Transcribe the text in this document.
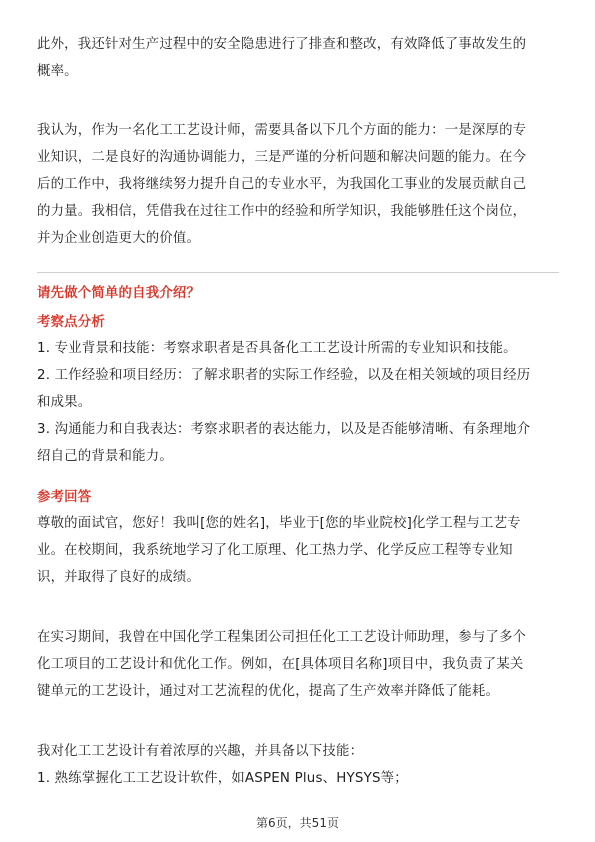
此外，我还针对生产过程中的安全隐患进行了排查和整改，有效降低了事故发生的
概率。
我认为，作为一名化工工艺设计师，需要具备以下几个方面的能力：一是深厚的专
业知识，二是良好的沟通协调能力，三是严谨的分析问题和解决问题的能力。在今
后的工作中，我将继续努力提升自己的专业水平，为我国化工事业的发展贡献自己
的力量。我相信，凭借我在过往工作中的经验和所学知识，我能够胜任这个岗位，
并为企业创造更大的价值。
请先做个简单的自我介绍？
考察点分析
1. 专业背景和技能：考察求职者是否具备化工工艺设计所需的专业知识和技能。
2. 工作经验和项目经历：了解求职者的实际工作经验，以及在相关领域的项目经历
和成果。
3. 沟通能力和自我表达：考察求职者的表达能力，以及是否能够清晰、有条理地介
绍自己的背景和能力。
参考回答
尊敬的面试官，您好！我叫[您的姓名]，毕业于[您的毕业院校]化学工程与工艺专
业。在校期间，我系统地学习了化工原理、化工热力学、化学反应工程等专业知
识，并取得了良好的成绩。
在实习期间，我曾在中国化学工程集团公司担任化工工艺设计师助理，参与了多个
化工项目的工艺设计和优化工作。例如，在[具体项目名称]项目中，我负责了某关
键单元的工艺设计，通过对工艺流程的优化，提高了生产效率并降低了能耗。
我对化工工艺设计有着浓厚的兴趣，并具备以下技能：
1. 熟练掌握化工工艺设计软件，如ASPEN Plus、HYSYS等；
第6页，共51页
